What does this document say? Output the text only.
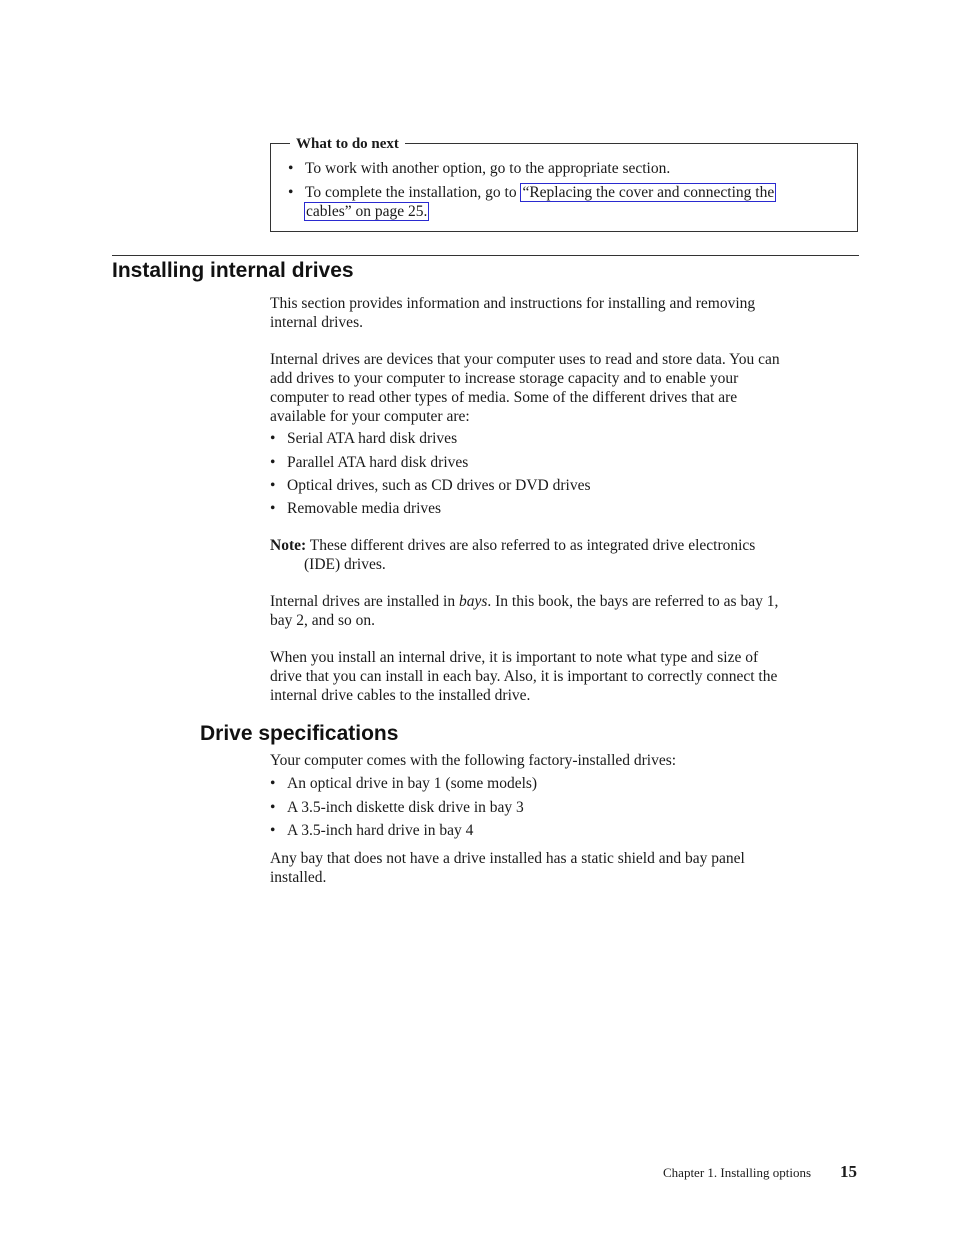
What to do next
• To work with another option, go to the appropriate section.
• To complete the installation, go to “Replacing the cover and connecting the
cables” on page 25.
Installing internal drives
This section provides information and instructions for installing and removing
internal drives.
Internal drives are devices that your computer uses to read and store data. You can
add drives to your computer to increase storage capacity and to enable your
computer to read other types of media. Some of the different drives that are
available for your computer are:
• Serial ATA hard disk drives
• Parallel ATA hard disk drives
• Optical drives, such as CD drives or DVD drives
• Removable media drives
Note: These different drives are also referred to as integrated drive electronics
(IDE) drives.
Internal drives are installed in bays. In this book, the bays are referred to as bay 1,
bay 2, and so on.
When you install an internal drive, it is important to note what type and size of
drive that you can install in each bay. Also, it is important to correctly connect the
internal drive cables to the installed drive.
Drive specifications
Your computer comes with the following factory-installed drives:
• An optical drive in bay 1 (some models)
• A 3.5-inch diskette disk drive in bay 3
• A 3.5-inch hard drive in bay 4
Any bay that does not have a drive installed has a static shield and bay panel
installed.
Chapter 1. Installing options 15
